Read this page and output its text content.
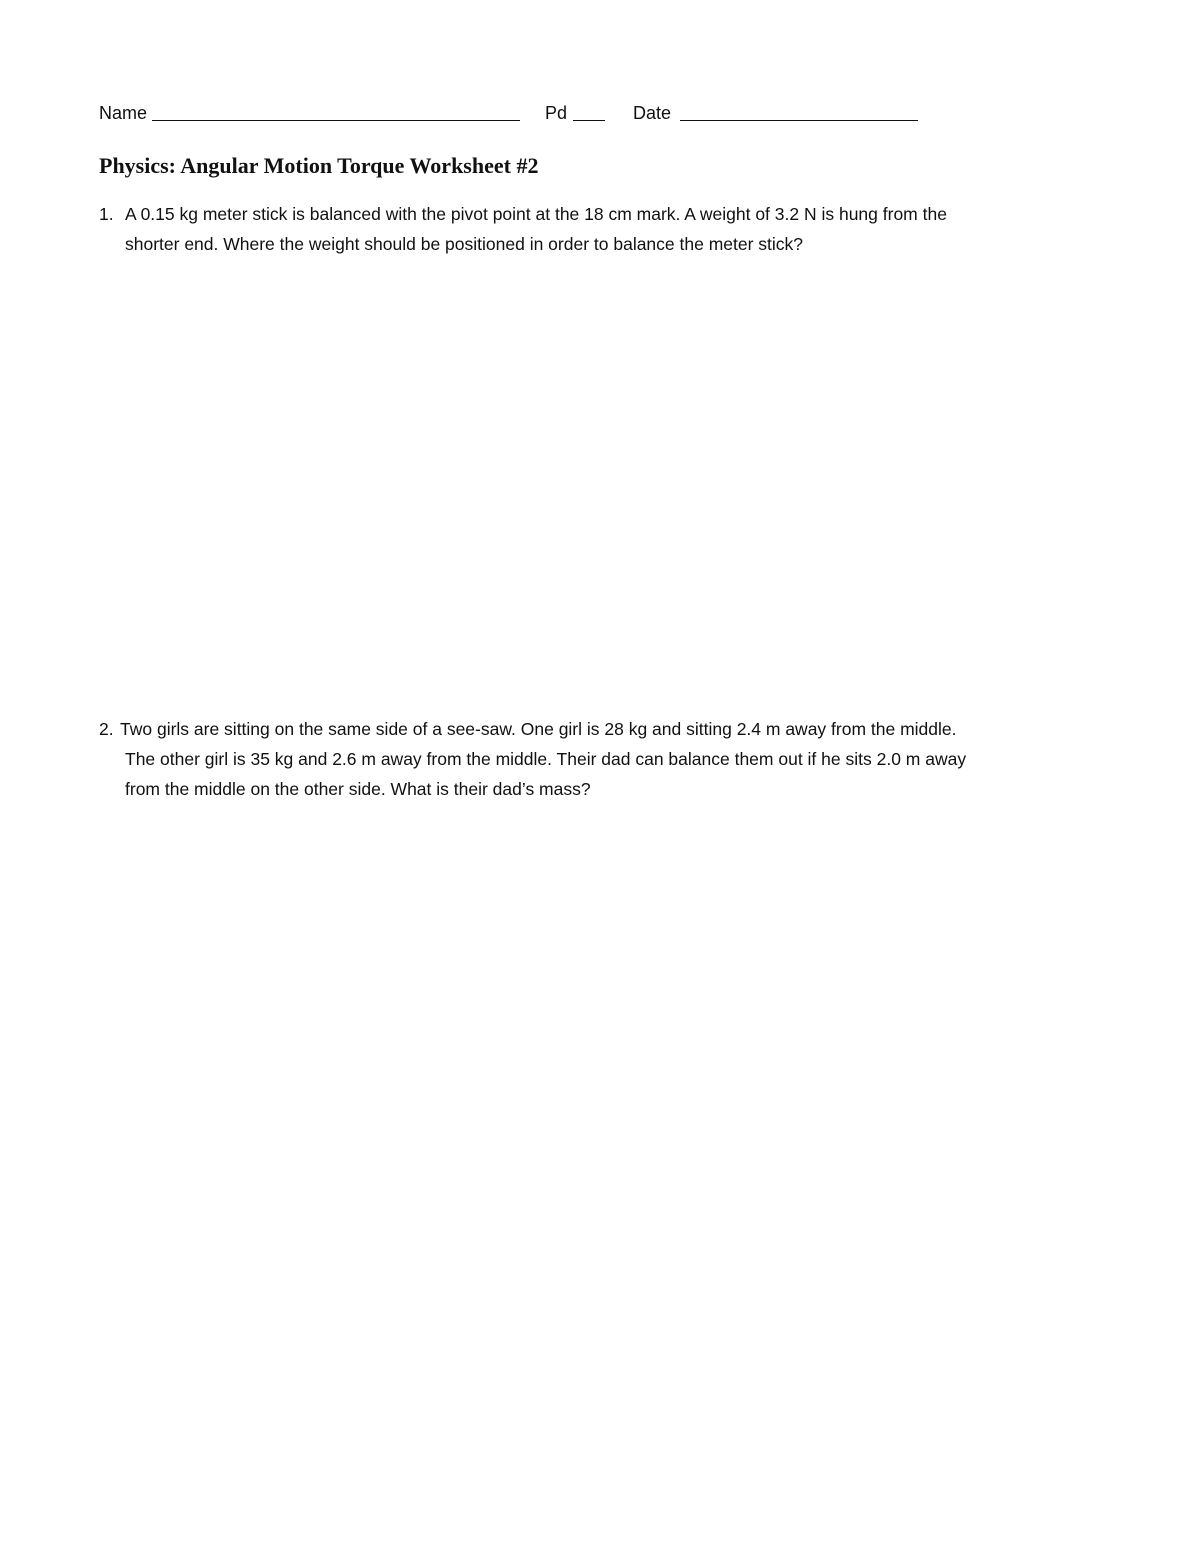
Name	Pd	Date
Physics: Angular Motion Torque Worksheet #2
1. A 0.15 kg meter stick is balanced with the pivot point at the 18 cm mark. A weight of 3.2 N is hung from the
shorter end. Where the weight should be positioned in order to balance the meter stick?
2. Two girls are sitting on the same side of a see-saw. One girl is 28 kg and sitting 2.4 m away from the middle.
The other girl is 35 kg and 2.6 m away from the middle. Their dad can balance them out if he sits 2.0 m away
from the middle on the other side. What is their dad’s mass?
